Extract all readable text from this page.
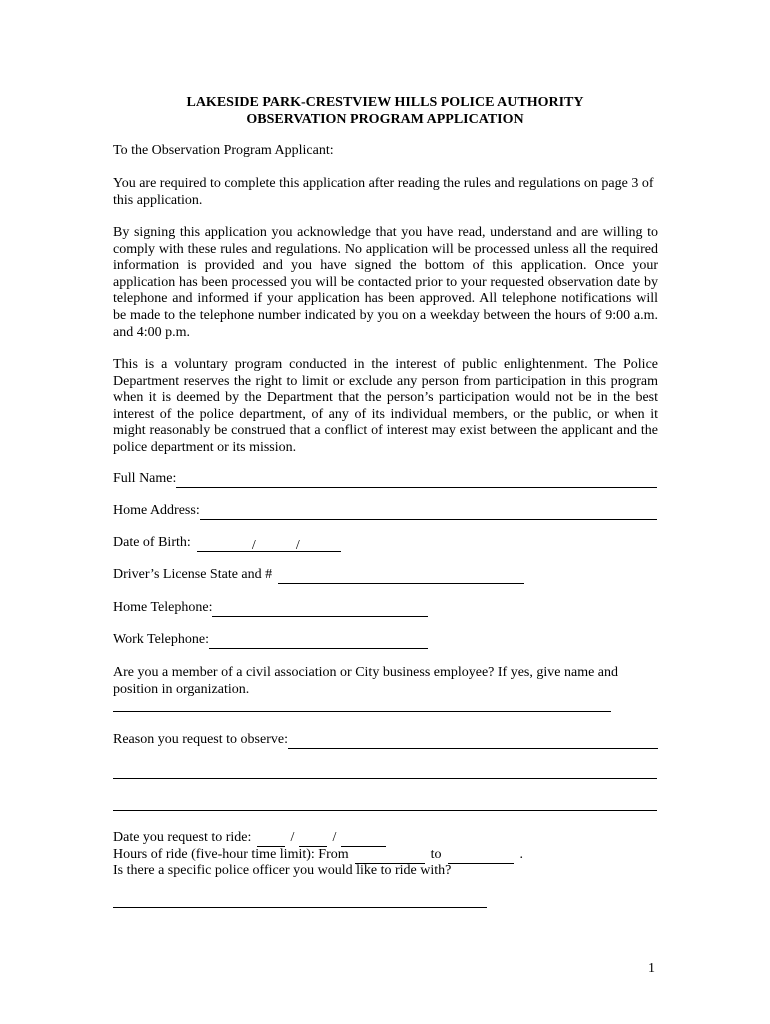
LAKESIDE PARK-CRESTVIEW HILLS POLICE AUTHORITY
OBSERVATION PROGRAM APPLICATION

To the Observation Program Applicant:

You are required to complete this application after reading the rules and regulations on page 3 of this application.

By signing this application you acknowledge that you have read, understand and are willing to comply with these rules and regulations. No application will be processed unless all the required information is provided and you have signed the bottom of this application. Once your application has been processed you will be contacted prior to your requested observation date by telephone and informed if your application has been approved. All telephone notifications will be made to the telephone number indicated by you on a weekday between the hours of 9:00 a.m. and 4:00 p.m.

This is a voluntary program conducted in the interest of public enlightenment. The Police Department reserves the right to limit or exclude any person from participation in this program when it is deemed by the Department that the person’s participation would not be in the best interest of the police department, of any of its individual members, or the public, or when it might reasonably be construed that a conflict of interest may exist between the applicant and the police department or its mission.

Full Name:
Home Address:
Date of Birth:	/	/
Driver’s License State and #
Home Telephone:
Work Telephone:

Are you a member of a civil association or City business employee? If yes, give name and position in organization.

Reason you request to observe:
Date you request to ride:	/	/
Hours of ride (five-hour time limit): From	to	.
Is there a specific police officer you would like to ride with?
1
